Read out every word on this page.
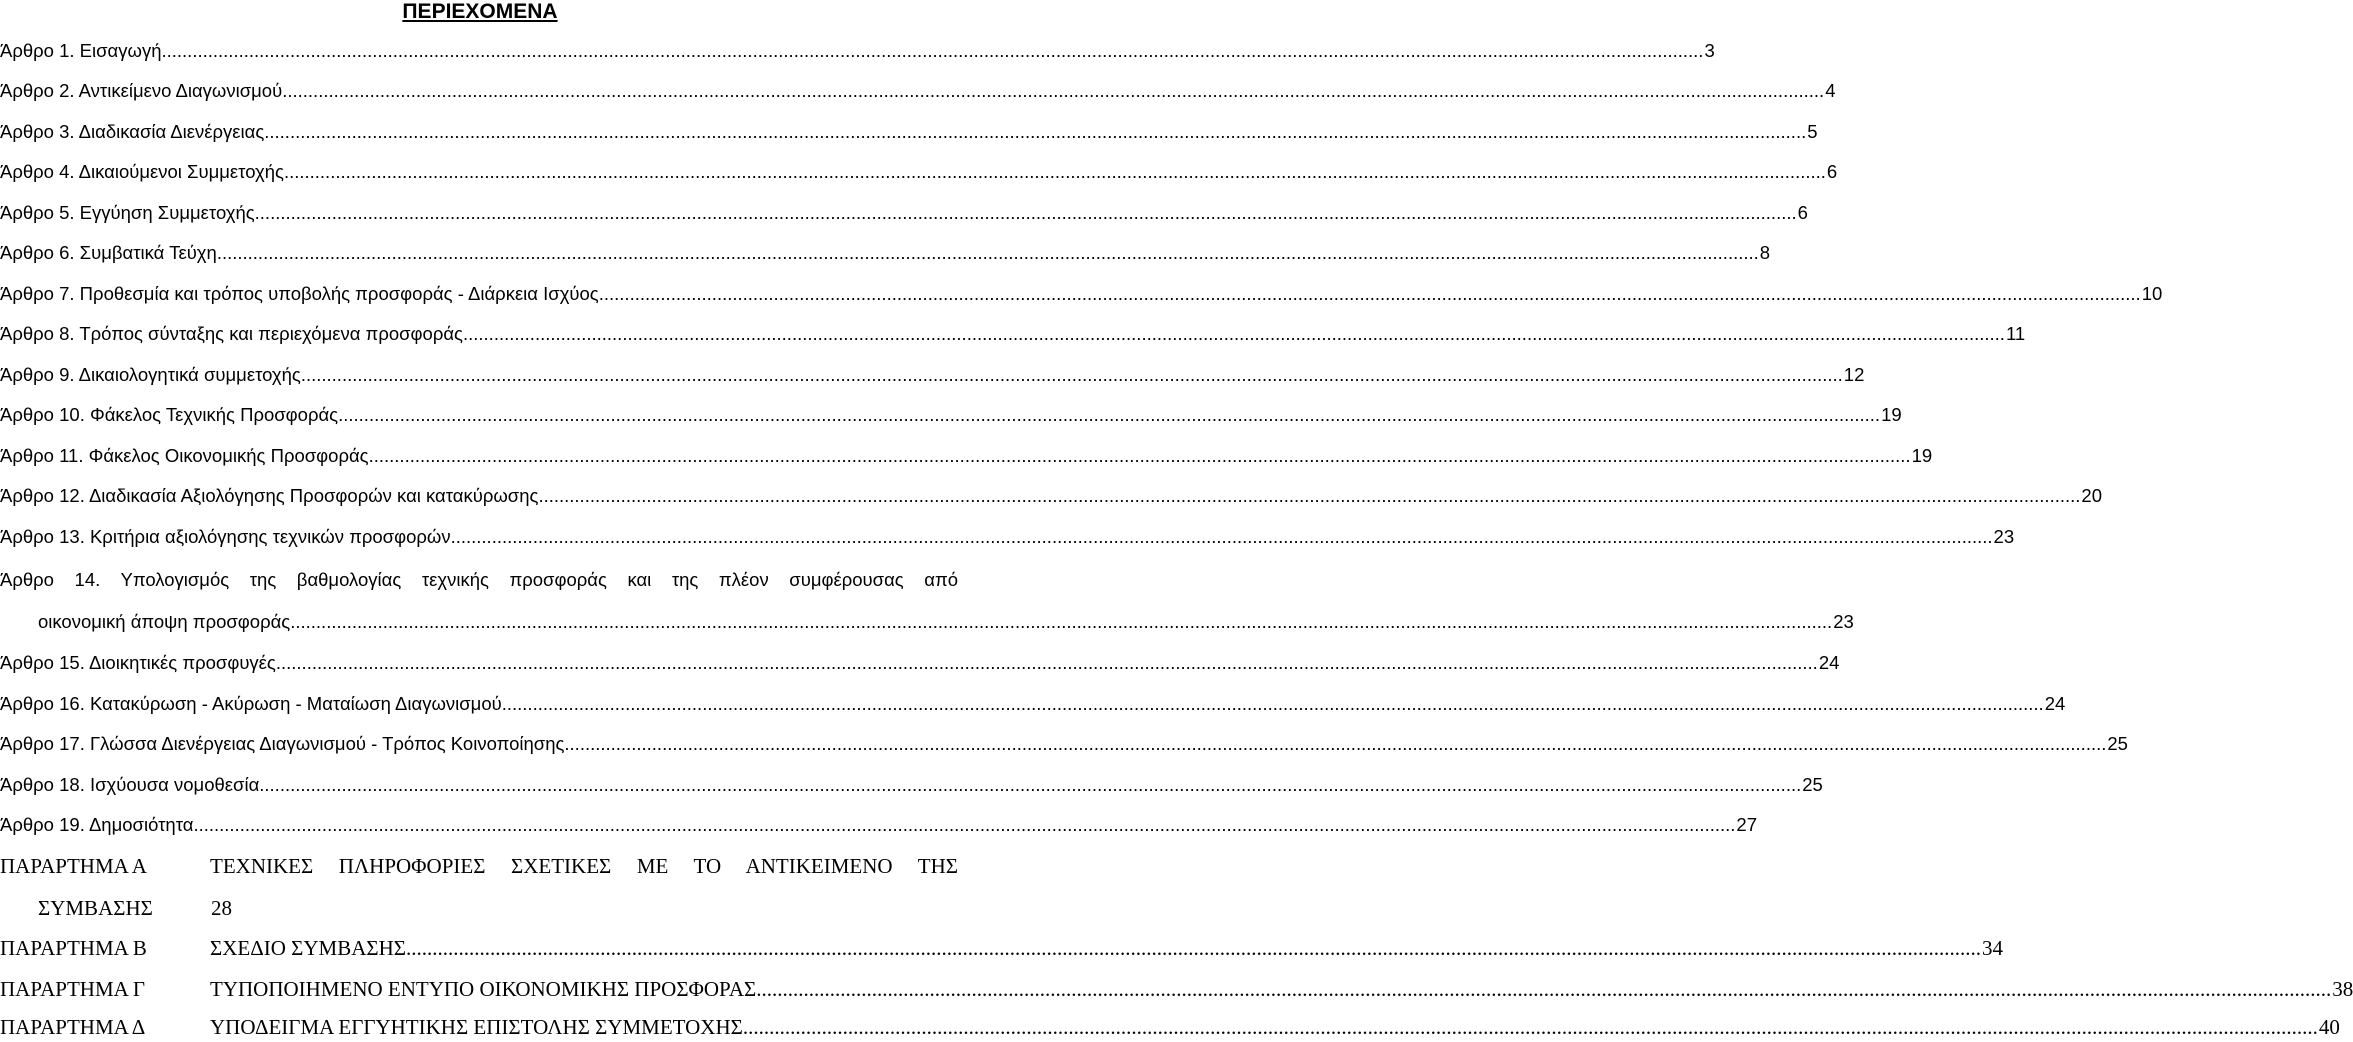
ΠΕΡΙΕΧΟΜΕΝΑ
Άρθρο 1. Εισαγωγή ............................................................................................................................................................................................................................................................................................................ 3
Άρθρο 2. Αντικείμενο Διαγωνισμού ............................................................................................................................................................................................................................................................................................................ 4
Άρθρο 3. Διαδικασία Διενέργειας ............................................................................................................................................................................................................................................................................................................ 5
Άρθρο 4. Δικαιούμενοι Συμμετοχής ............................................................................................................................................................................................................................................................................................................ 6
Άρθρο 5. Εγγύηση Συμμετοχής ............................................................................................................................................................................................................................................................................................................ 6
Άρθρο 6. Συμβατικά Τεύχη ............................................................................................................................................................................................................................................................................................................ 8
Άρθρο 7. Προθεσμία και τρόπος υποβολής προσφοράς - Διάρκεια Ισχύος ............................................................................................................................................................................................................................................................................................................ 10
Άρθρο 8. Τρόπος σύνταξης και περιεχόμενα προσφοράς ............................................................................................................................................................................................................................................................................................................ 11
Άρθρο 9. Δικαιολογητικά συμμετοχής ............................................................................................................................................................................................................................................................................................................ 12
Άρθρο 10. Φάκελος Τεχνικής Προσφοράς ............................................................................................................................................................................................................................................................................................................ 19
Άρθρο 11. Φάκελος Οικονομικής Προσφοράς ............................................................................................................................................................................................................................................................................................................ 19
Άρθρο 12. Διαδικασία Αξιολόγησης Προσφορών και κατακύρωσης ............................................................................................................................................................................................................................................................................................................ 20
Άρθρο 13. Κριτήρια αξιολόγησης τεχνικών προσφορών ............................................................................................................................................................................................................................................................................................................ 23
Άρθρο 14. Υπολογισμός της βαθμολογίας τεχνικής προσφοράς και της πλέον συμφέρουσας από
οικονομική άποψη προσφοράς ............................................................................................................................................................................................................................................................................................................ 23
Άρθρο 15. Διοικητικές προσφυγές ............................................................................................................................................................................................................................................................................................................ 24
Άρθρο 16. Κατακύρωση - Ακύρωση - Ματαίωση Διαγωνισμού ............................................................................................................................................................................................................................................................................................................ 24
Άρθρο 17. Γλώσσα Διενέργειας Διαγωνισμού - Τρόπος Κοινοποίησης ............................................................................................................................................................................................................................................................................................................ 25
Άρθρο 18. Ισχύουσα νομοθεσία ............................................................................................................................................................................................................................................................................................................ 25
Άρθρο 19. Δημοσιότητα ............................................................................................................................................................................................................................................................................................................ 27
ΠΑΡΑΡΤΗΜΑ Α	ΤΕΧΝΙΚΕΣ ΠΛΗΡΟΦΟΡΙΕΣ ΣΧΕΤΙΚΕΣ ΜΕ ΤΟ ΑΝΤΙΚΕΙΜΕΝΟ ΤΗΣ
ΣΥΜΒΑΣΗΣ	28
ΠΑΡΑΡΤΗΜΑ Β	ΣΧΕΔΙΟ ΣΥΜΒΑΣΗΣ ............................................................................................................................................................................................................................................................................................................ 34
ΠΑΡΑΡΤΗΜΑ Γ	ΤΥΠΟΠΟΙΗΜΕΝΟ ΕΝΤΥΠΟ ΟΙΚΟΝΟΜΙΚΗΣ ΠΡΟΣΦΟΡΑΣ ............................................................................................................................................................................................................................................................................................................ 38
ΠΑΡΑΡΤΗΜΑ Δ	ΥΠΟΔΕΙΓΜΑ ΕΓΓΥΗΤΙΚΗΣ ΕΠΙΣΤΟΛΗΣ ΣΥΜΜΕΤΟΧΗΣ ............................................................................................................................................................................................................................................................................................................ 40
